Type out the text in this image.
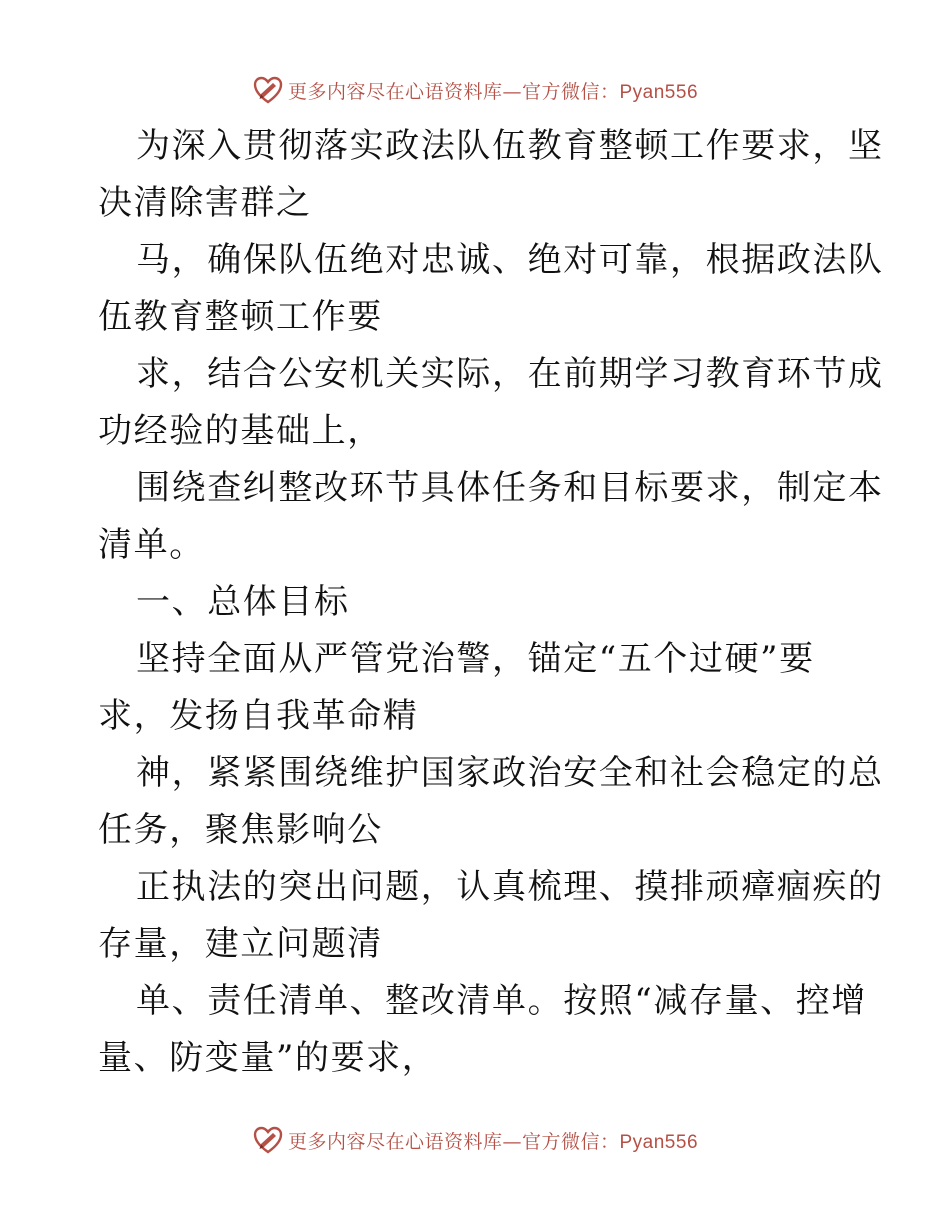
更多内容尽在心语资料库—官方微信：Pyan556
为深入贯彻落实政法队伍教育整顿工作要求，坚
决清除害群之
马，确保队伍绝对忠诚、绝对可靠，根据政法队
伍教育整顿工作要
求，结合公安机关实际，在前期学习教育环节成
功经验的基础上，
围绕查纠整改环节具体任务和目标要求，制定本
清单。
一、总体目标
坚持全面从严管党治警，锚定“五个过硬”要
求，发扬自我革命精
神，紧紧围绕维护国家政治安全和社会稳定的总
任务，聚焦影响公
正执法的突出问题，认真梳理、摸排顽瘴痼疾的
存量，建立问题清
单、责任清单、整改清单。按照“减存量、控增
量、防变量”的要求，
更多内容尽在心语资料库—官方微信：Pyan556
